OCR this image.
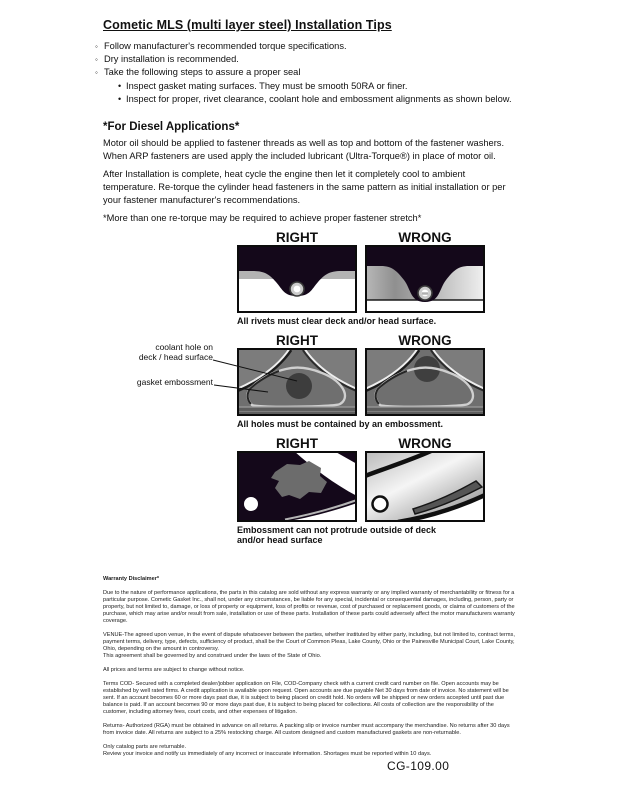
Cometic MLS (multi layer steel) Installation Tips
◦ Follow manufacturer's recommended torque specifications.
◦ Dry installation is recommended.
◦ Take the following steps to assure a proper seal
• Inspect gasket mating surfaces. They must be smooth 50RA or finer.
• Inspect for proper, rivet clearance, coolant hole and embossment alignments as shown below.
*For Diesel Applications*

Motor oil should be applied to fastener threads as well as top and bottom of the fastener washers. When ARP fasteners are used apply the included lubricant (Ultra-Torque®) in place of motor oil.

After Installation is complete, heat cycle the engine then let it completely cool to ambient temperature. Re-torque the cylinder head fasteners in the same pattern as initial installation or per your fastener manufacturer's recommendations.

*More than one re-torque may be required to achieve proper fastener stretch*

RIGHT	WRONG

All rivets must clear deck and/or head surface.

coolant hole on
deck / head surface
gasket embossment
RIGHT	WRONG

All holes must be contained by an embossment.

RIGHT	WRONG

Embossment can not protrude outside of deck
and/or head surface

Warranty Disclaimer*

Due to the nature of performance applications, the parts in this catalog are sold without any express warranty or any implied warranty of merchantability or fitness for a particular purpose. Cometic Gasket Inc., shall not, under any circumstances, be liable for any special, incidental or consequential damages, including, person, party or property, but not limited to, damage, or loss of property or equipment, loss of profits or revenue, cost of purchased or replacement goods, or claims of customers of the purchase, which may arise and/or result from sale, installation or use of these parts. Installation of these parts could adversely affect the motor manufacturers warranty coverage.

VENUE-The agreed upon venue, in the event of dispute whatsoever between the parties, whether instituted by either party, including, but not limited to, contract terms, payment terms, delivery, type, defects, sufficiency of product, shall be the Court of Common Pleas, Lake County, Ohio or the Painesville Municipal Court, Lake County, Ohio, depending on the amount in controversy.

This agreement shall be governed by and construed under the laws of the State of Ohio.

All prices and terms are subject to change without notice.

Terms COD- Secured with a completed dealer/jobber application on File, COD-Company check with a current credit card number on file. Open accounts may be established by well rated firms. A credit application is available upon request. Open accounts are due payable Net 30 days from date of invoice. No statement will be sent. If an account becomes 60 or more days past due, it is subject to being placed on credit hold. No orders will be shipped or new orders accepted until past due balance is paid. If an account becomes 90 or more days past due, it is subject to being placed for collections. All costs of collection are the responsibility of the customer, including attorney fees, court costs, and other expenses of litigation.

Returns- Authorized (RGA) must be obtained in advance on all returns. A packing slip or invoice number must accompany the merchandise. No returns after 30 days from invoice date. All returns are subject to a 25% restocking charge. All custom designed and custom manufactured gaskets are non-returnable.

Only catalog parts are returnable.

Review your invoice and notify us immediately of any incorrect or inaccurate information. Shortages must be reported within 10 days.

CG-109.00
